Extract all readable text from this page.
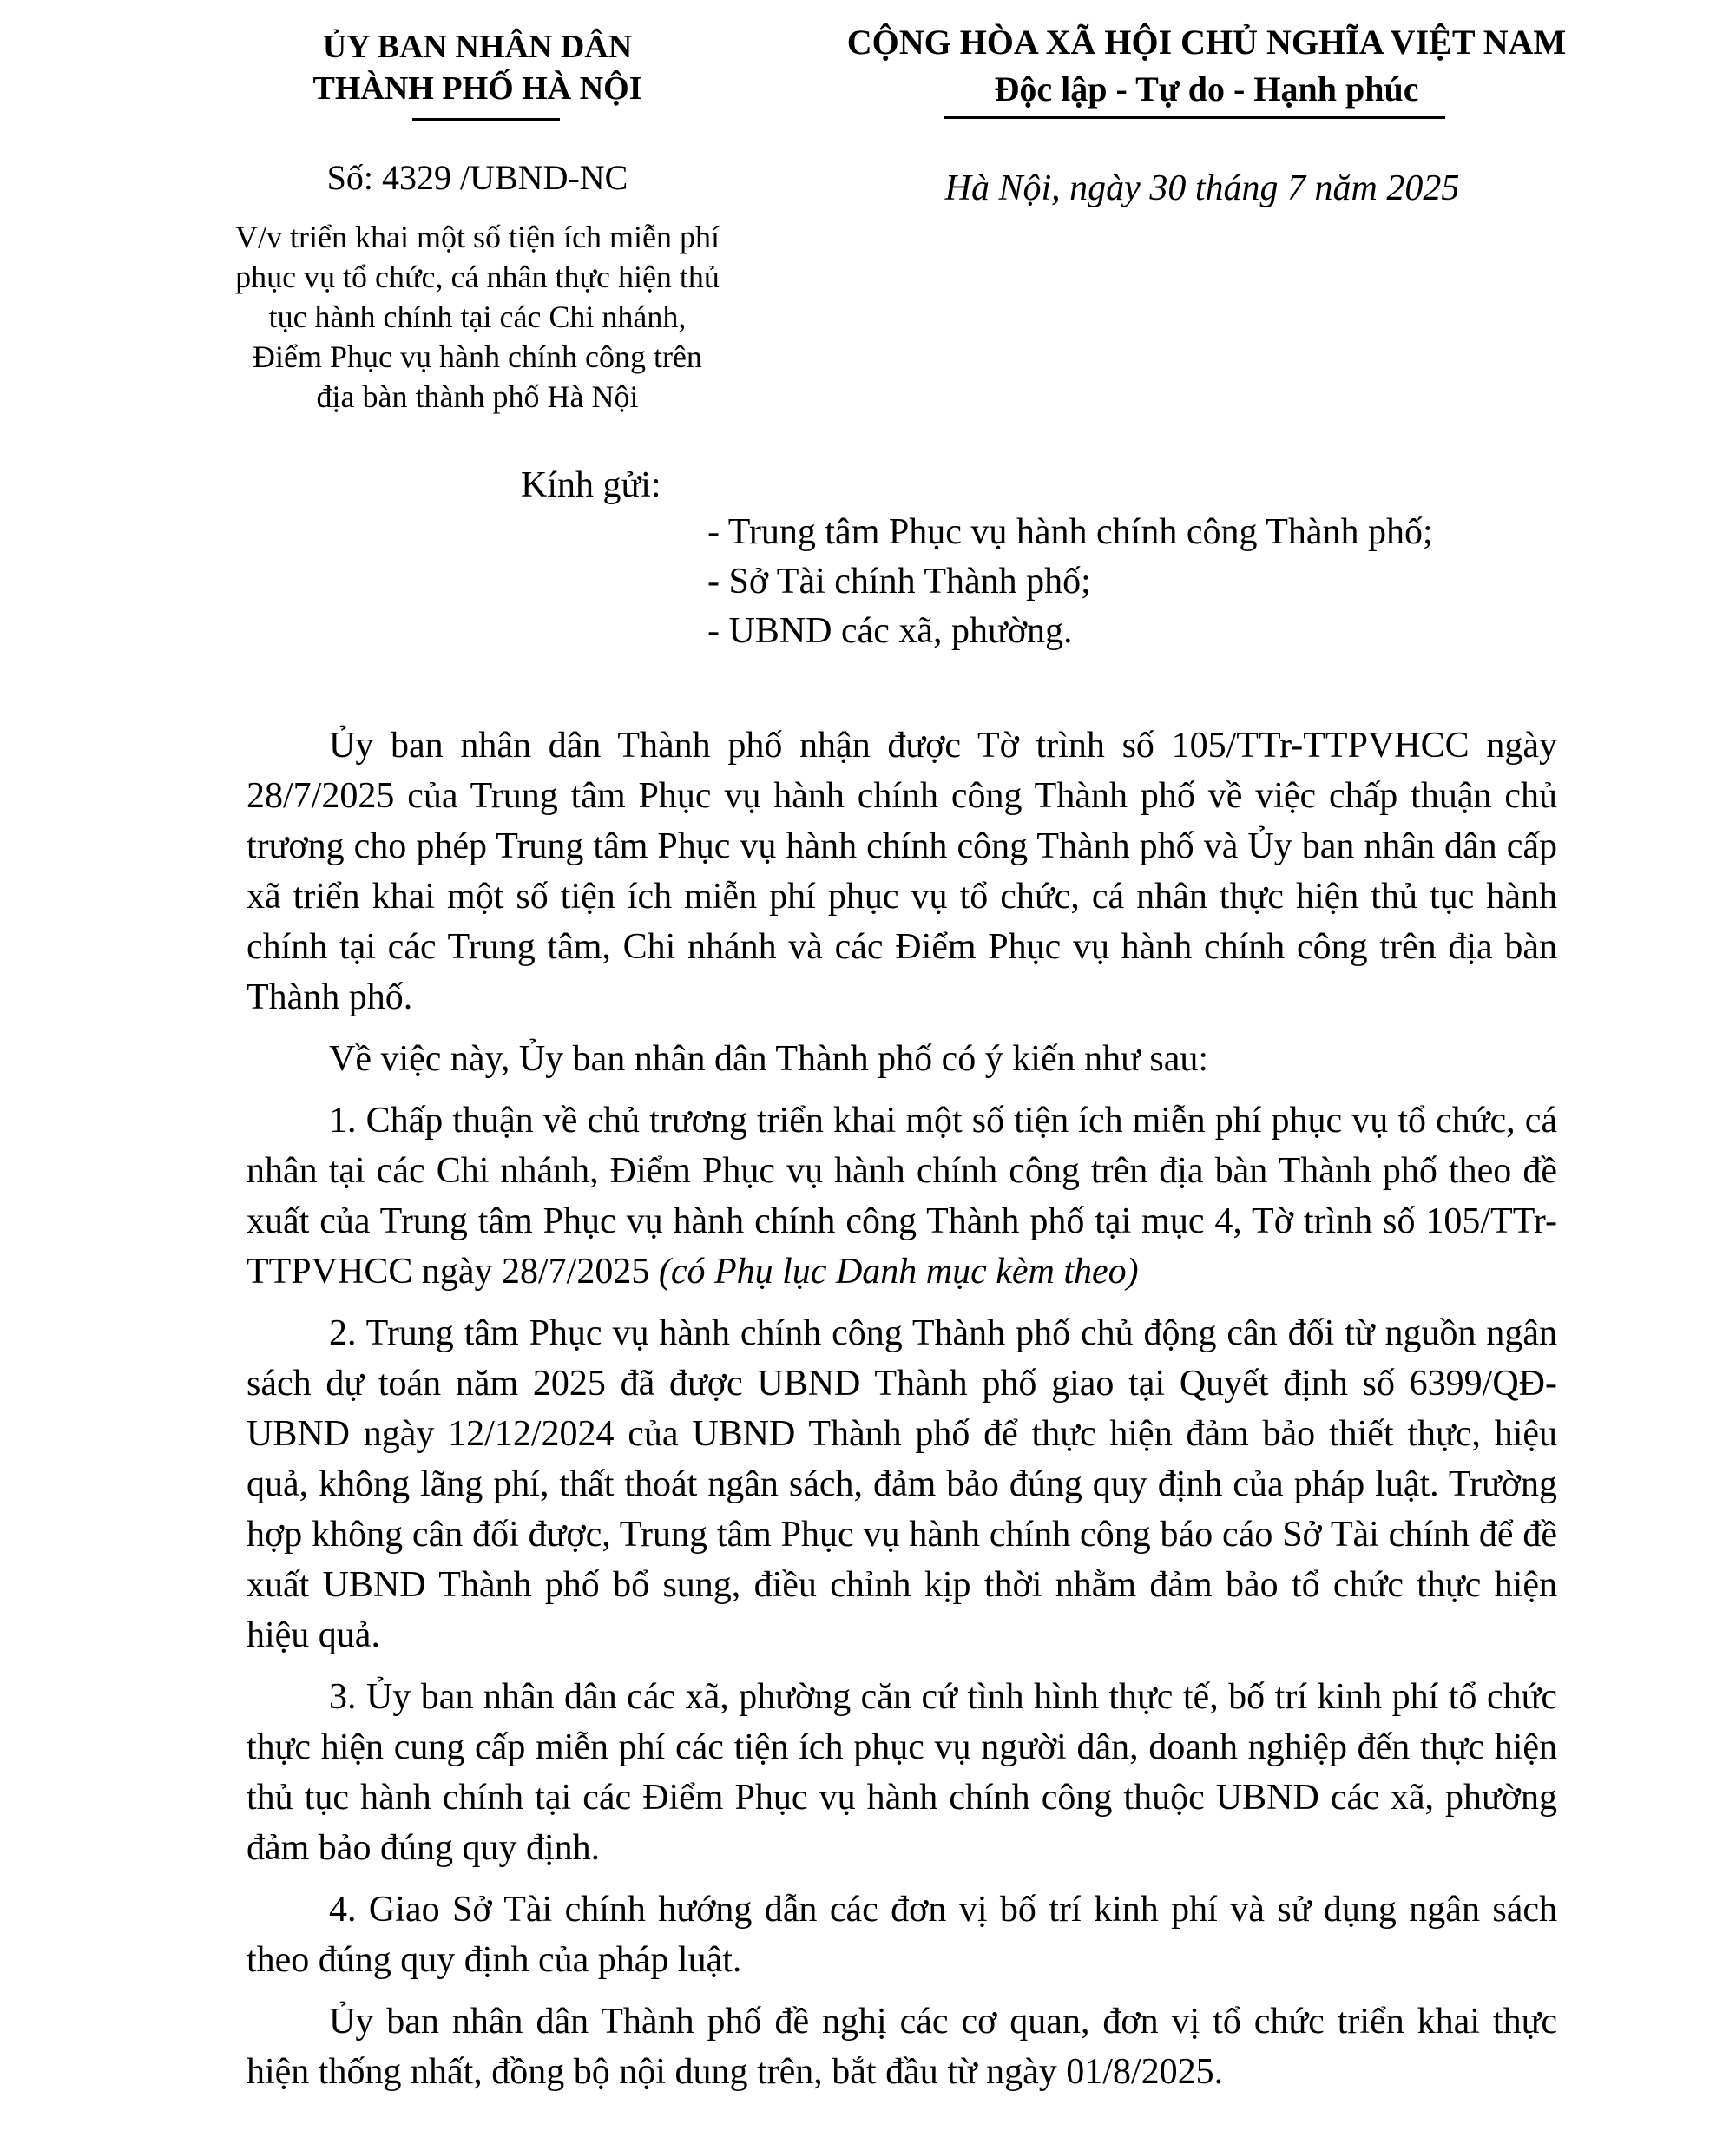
ỦY BAN NHÂN DÂN
THÀNH PHỐ HÀ NỘI
CỘNG HÒA XÃ HỘI CHỦ NGHĨA VIỆT NAM
Độc lập - Tự do - Hạnh phúc
Số: 4329 /UBND-NC
V/v triển khai một số tiện ích miễn phí
phục vụ tổ chức, cá nhân thực hiện thủ
tục hành chính tại các Chi nhánh,
Điểm Phục vụ hành chính công trên
địa bàn thành phố Hà Nội
Hà Nội, ngày 30 tháng 7 năm 2025
Kính gửi:
- Trung tâm Phục vụ hành chính công Thành phố;
- Sở Tài chính Thành phố;
- UBND các xã, phường.

Ủy ban nhân dân Thành phố nhận được Tờ trình số 105/TTr-TTPVHCC ngày 28/7/2025 của Trung tâm Phục vụ hành chính công Thành phố về việc chấp thuận chủ trương cho phép Trung tâm Phục vụ hành chính công Thành phố và Ủy ban nhân dân cấp xã triển khai một số tiện ích miễn phí phục vụ tổ chức, cá nhân thực hiện thủ tục hành chính tại các Trung tâm, Chi nhánh và các Điểm Phục vụ hành chính công trên địa bàn Thành phố.

Về việc này, Ủy ban nhân dân Thành phố có ý kiến như sau:

1. Chấp thuận về chủ trương triển khai một số tiện ích miễn phí phục vụ tổ chức, cá nhân tại các Chi nhánh, Điểm Phục vụ hành chính công trên địa bàn Thành phố theo đề xuất của Trung tâm Phục vụ hành chính công Thành phố tại mục 4, Tờ trình số 105/TTr-TTPVHCC ngày 28/7/2025 (có Phụ lục Danh mục kèm theo)

2. Trung tâm Phục vụ hành chính công Thành phố chủ động cân đối từ nguồn ngân sách dự toán năm 2025 đã được UBND Thành phố giao tại Quyết định số 6399/QĐ-UBND ngày 12/12/2024 của UBND Thành phố để thực hiện đảm bảo thiết thực, hiệu quả, không lãng phí, thất thoát ngân sách, đảm bảo đúng quy định của pháp luật. Trường hợp không cân đối được, Trung tâm Phục vụ hành chính công báo cáo Sở Tài chính để đề xuất UBND Thành phố bổ sung, điều chỉnh kịp thời nhằm đảm bảo tổ chức thực hiện hiệu quả.

3. Ủy ban nhân dân các xã, phường căn cứ tình hình thực tế, bố trí kinh phí tổ chức thực hiện cung cấp miễn phí các tiện ích phục vụ người dân, doanh nghiệp đến thực hiện thủ tục hành chính tại các Điểm Phục vụ hành chính công thuộc UBND các xã, phường đảm bảo đúng quy định.

4. Giao Sở Tài chính hướng dẫn các đơn vị bố trí kinh phí và sử dụng ngân sách theo đúng quy định của pháp luật.

Ủy ban nhân dân Thành phố đề nghị các cơ quan, đơn vị tổ chức triển khai thực hiện thống nhất, đồng bộ nội dung trên, bắt đầu từ ngày 01/8/2025.
